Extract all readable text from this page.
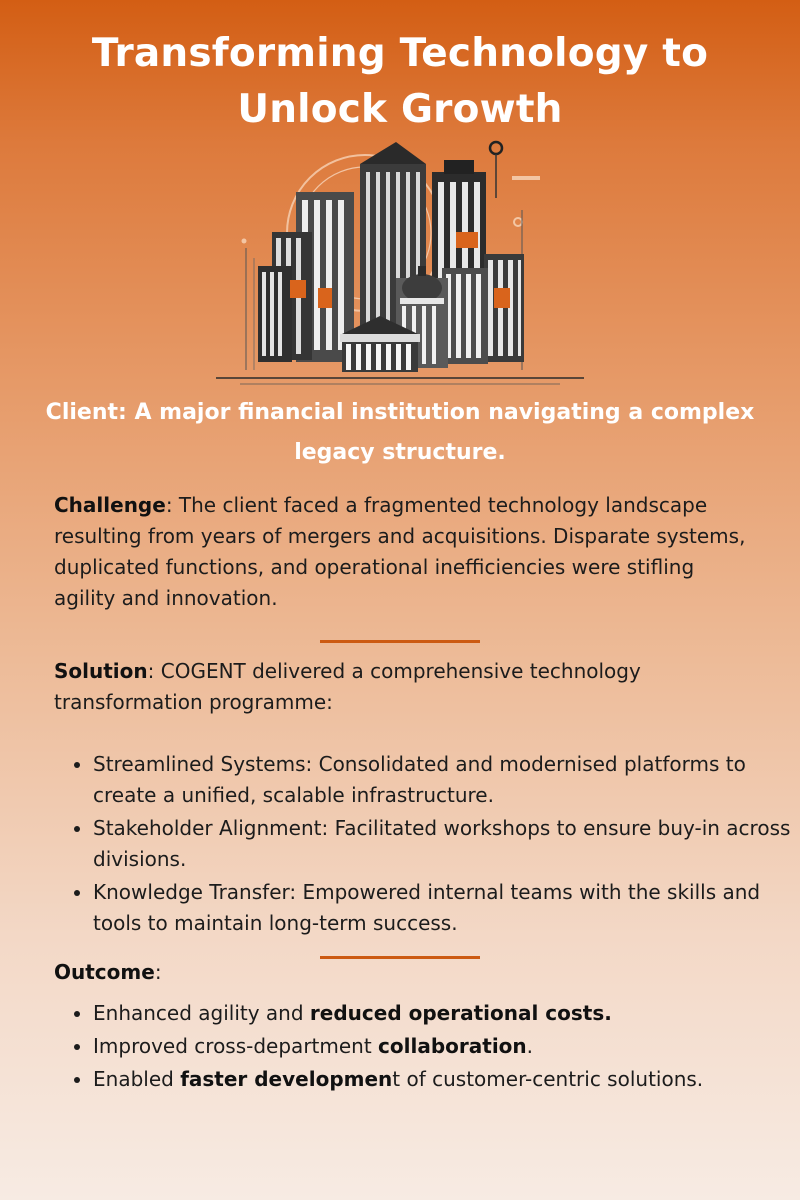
Transforming Technology to
Unlock Growth
Client: A major financial institution navigating a complex legacy structure.
Challenge: The client faced a fragmented technology landscape resulting from years of mergers and acquisitions. Disparate systems, duplicated functions, and operational inefficiencies were stifling agility and innovation.
Solution: COGENT delivered a comprehensive technology transformation programme:
• Streamlined Systems: Consolidated and modernised platforms to create a unified, scalable infrastructure.
• Stakeholder Alignment: Facilitated workshops to ensure buy-in across divisions.
• Knowledge Transfer: Empowered internal teams with the skills and tools to maintain long-term success.
Outcome:
• Enhanced agility and reduced operational costs.
• Improved cross-department collaboration.
• Enabled faster development of customer-centric solutions.
